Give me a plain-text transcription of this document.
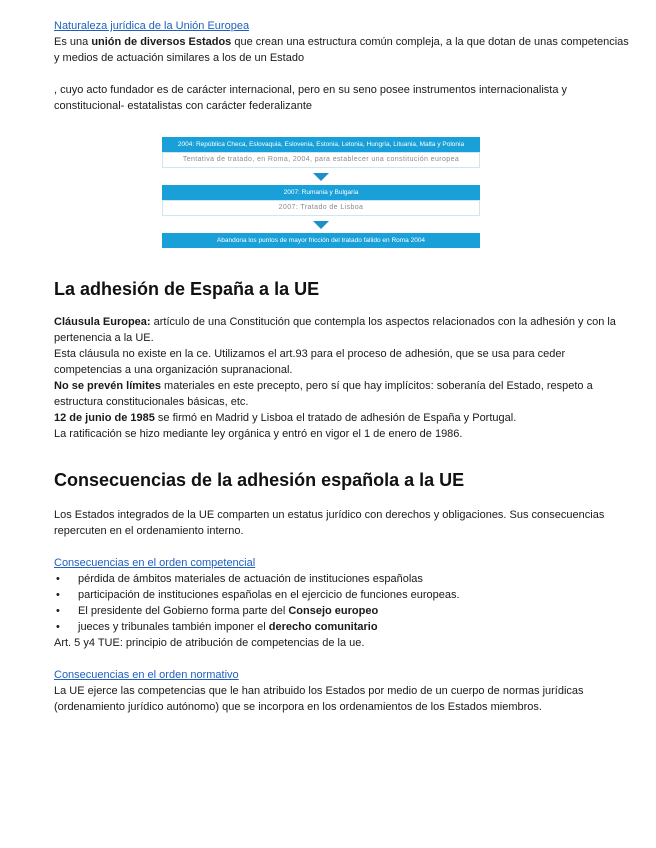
Naturaleza jurídica de la Unión Europea

Es una unión de diversos Estados que crean una estructura común compleja, a la que dotan de unas competencias y medios de actuación similares a los de un Estado

, cuyo acto fundador es de carácter internacional, pero en su seno posee instrumentos internacionalista y constitucional- estatalistas con carácter federalizante

2004: República Checa, Eslovaquia, Eslovenia, Estonia, Letonia, Hungría, Lituania, Malta y Polonia
Tentativa de tratado, en Roma, 2004, para establecer una constitución europea
2007: Rumania y Bulgaria
2007: Tratado de Lisboa
Abandona los puntos de mayor fricción del tratado fallido en Roma 2004
La adhesión de España a la UE

Cláusula Europea: artículo de una Constitución que contempla los aspectos relacionados con la adhesión y con la pertenencia a la UE.

Esta cláusula no existe en la ce. Utilizamos el art.93 para el proceso de adhesión, que se usa para ceder competencias a una organización supranacional.

No se prevén límites materiales en este precepto, pero sí que hay implícitos: soberanía del Estado, respeto a estructura constitucionales básicas, etc.

12 de junio de 1985 se firmó en Madrid y Lisboa el tratado de adhesión de España y Portugal.

La ratificación se hizo mediante ley orgánica y entró en vigor el 1 de enero de 1986.

Consecuencias de la adhesión española a la UE

Los Estados integrados de la UE comparten un estatus jurídico con derechos y obligaciones. Sus consecuencias repercuten en el ordenamiento interno.

Consecuencias en el orden competencial
• pérdida de ámbitos materiales de actuación de instituciones españolas
• participación de instituciones españolas en el ejercicio de funciones europeas.
• El presidente del Gobierno forma parte del Consejo europeo
• jueces y tribunales también imponer el derecho comunitario

Art. 5 y4 TUE: principio de atribución de competencias de la ue.

Consecuencias en el orden normativo

La UE ejerce las competencias que le han atribuido los Estados por medio de un cuerpo de normas jurídicas (ordenamiento jurídico autónomo) que se incorpora en los ordenamientos de los Estados miembros.
